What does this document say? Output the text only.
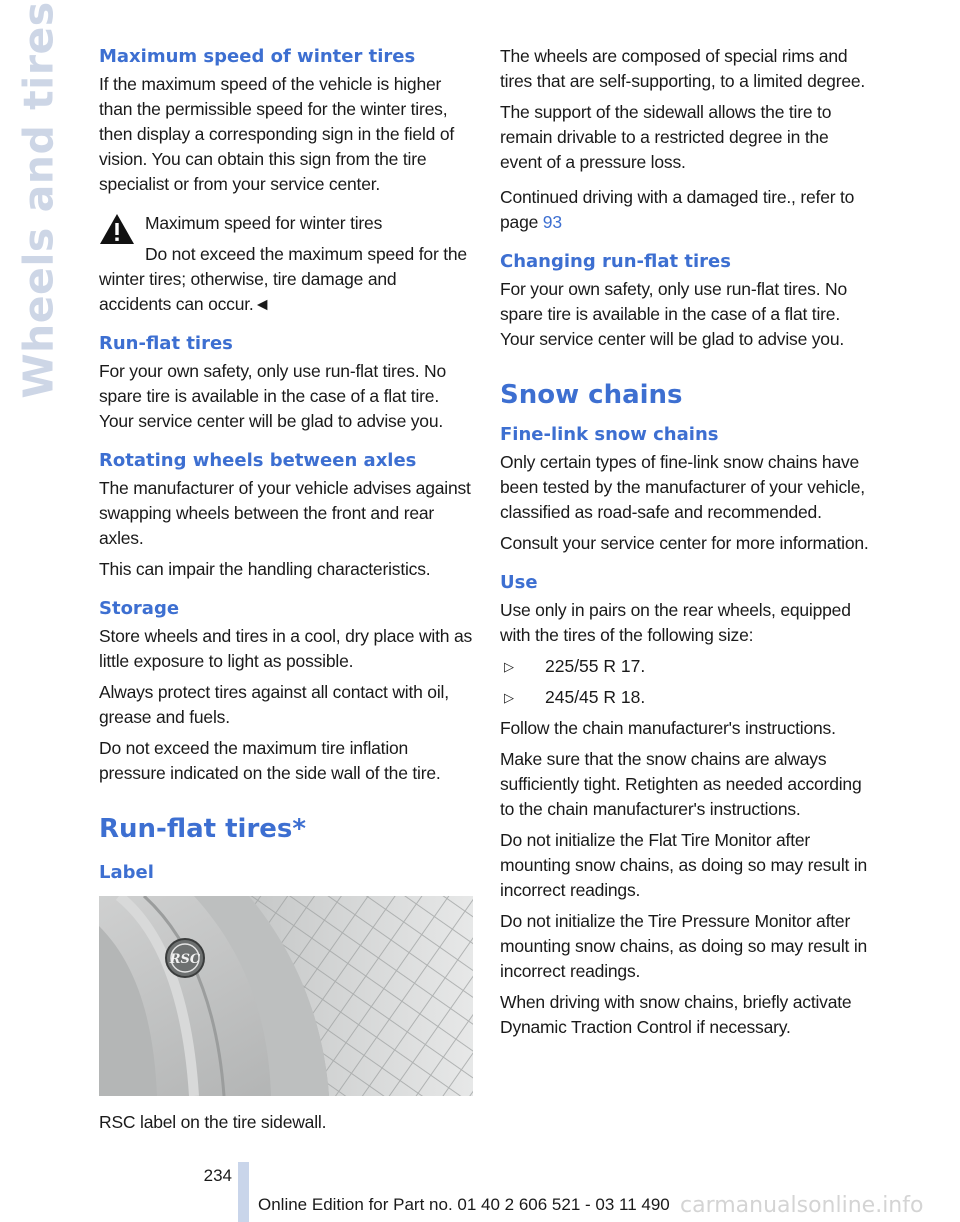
Wheels and tires Maximum speed of winter tires

If the maximum speed of the vehicle is higher than the permissible speed for the winter tires, then display a corresponding sign in the field of vision. You can obtain this sign from the tire specialist or from your service center.

Maximum speed for winter tires

Do not exceed the maximum speed for the winter tires; otherwise, tire damage and accidents can occur.◄

Run-flat tires

For your own safety, only use run-flat tires. No spare tire is available in the case of a flat tire. Your service center will be glad to advise you.

Rotating wheels between axles

The manufacturer of your vehicle advises against swapping wheels between the front and rear axles.

This can impair the handling characteristics.

Storage

Store wheels and tires in a cool, dry place with as little exposure to light as possible.

Always protect tires against all contact with oil, grease and fuels.

Do not exceed the maximum tire inflation pressure indicated on the side wall of the tire.

Run-flat tires*
Label
RSC

RSC label on the tire sidewall.

The wheels are composed of special rims and tires that are self-supporting, to a limited degree.

The support of the sidewall allows the tire to remain drivable to a restricted degree in the event of a pressure loss.

Continued driving with a damaged tire., refer to page 93

Changing run-flat tires

For your own safety, only use run-flat tires. No spare tire is available in the case of a flat tire. Your service center will be glad to advise you.

Snow chains
Fine-link snow chains

Only certain types of fine-link snow chains have been tested by the manufacturer of your vehicle, classified as road-safe and recommended.

Consult your service center for more information.

Use

Use only in pairs on the rear wheels, equipped with the tires of the following size:

▷ 225/55 R 17.
▷ 245/45 R 18.

Follow the chain manufacturer's instructions.

Make sure that the snow chains are always sufficiently tight. Retighten as needed according to the chain manufacturer's instructions.

Do not initialize the Flat Tire Monitor after mounting snow chains, as doing so may result in incorrect readings.

Do not initialize the Tire Pressure Monitor after mounting snow chains, as doing so may result in incorrect readings.

When driving with snow chains, briefly activate Dynamic Traction Control if necessary.

234
Online Edition for Part no. 01 40 2 606 521 - 03 11 490 carmanualsonline.info
